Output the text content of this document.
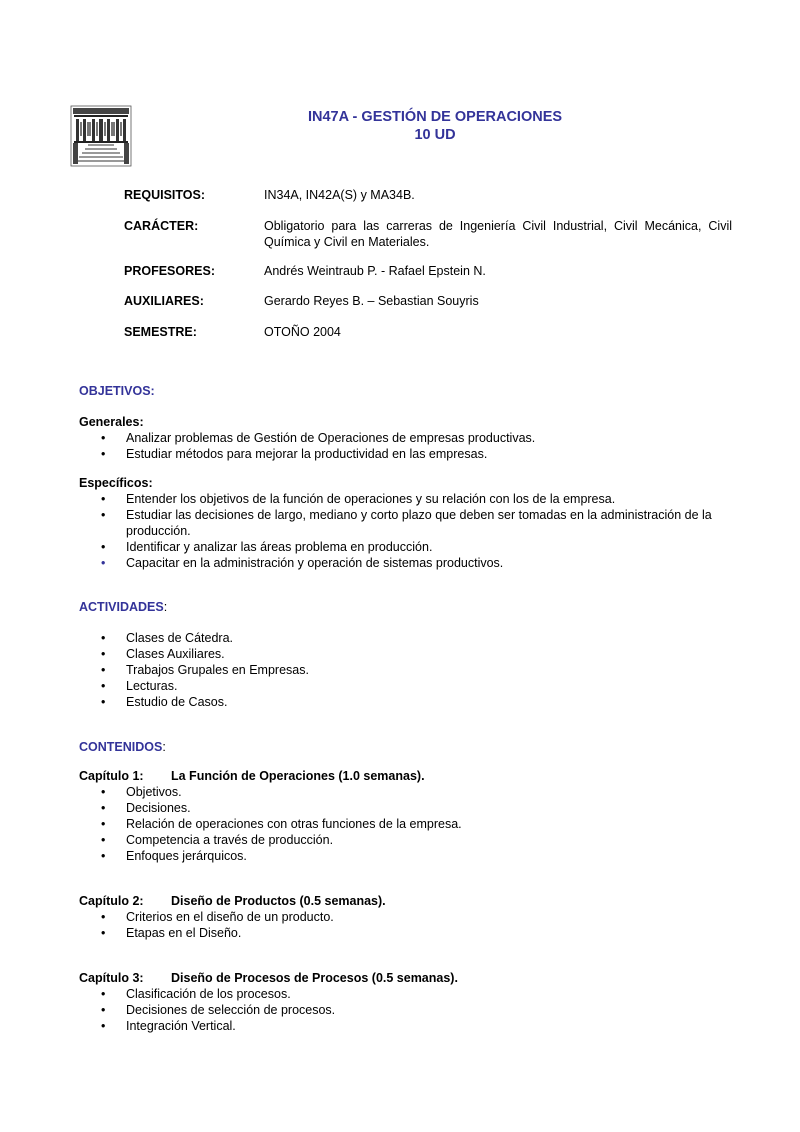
IN47A - GESTIÓN DE OPERACIONES
10 UD
REQUISITOS:	IN34A, IN42A(S) y MA34B.
CARÁCTER:	Obligatorio para las carreras de Ingeniería Civil Industrial, Civil Mecánica, Civil Química y Civil en Materiales.
PROFESORES:	Andrés Weintraub P. - Rafael Epstein N.
AUXILIARES:	Gerardo Reyes B. – Sebastian Souyris
SEMESTRE:	OTOÑO 2004
OBJETIVOS:
Generales:
• Analizar problemas de Gestión de Operaciones de empresas productivas.
• Estudiar métodos para mejorar la productividad en las empresas.
Específicos:
• Entender los objetivos de la función de operaciones y su relación con los de la empresa.
• Estudiar las decisiones de largo, mediano y corto plazo que deben ser tomadas en la administración de la producción.
• Identificar y analizar las áreas problema en producción.
• Capacitar en la administración y operación de sistemas productivos.
ACTIVIDADES:
• Clases de Cátedra.
• Clases Auxiliares.
• Trabajos Grupales en Empresas.
• Lecturas.
• Estudio de Casos.
CONTENIDOS:
Capítulo 1: La Función de Operaciones (1.0 semanas).
• Objetivos.
• Decisiones.
• Relación de operaciones con otras funciones de la empresa.
• Competencia a través de producción.
• Enfoques jerárquicos.
Capítulo 2: Diseño de Productos (0.5 semanas).
• Criterios en el diseño de un producto.
• Etapas en el Diseño.
Capítulo 3: Diseño de Procesos de Procesos (0.5 semanas).
• Clasificación de los procesos.
• Decisiones de selección de procesos.
• Integración Vertical.
